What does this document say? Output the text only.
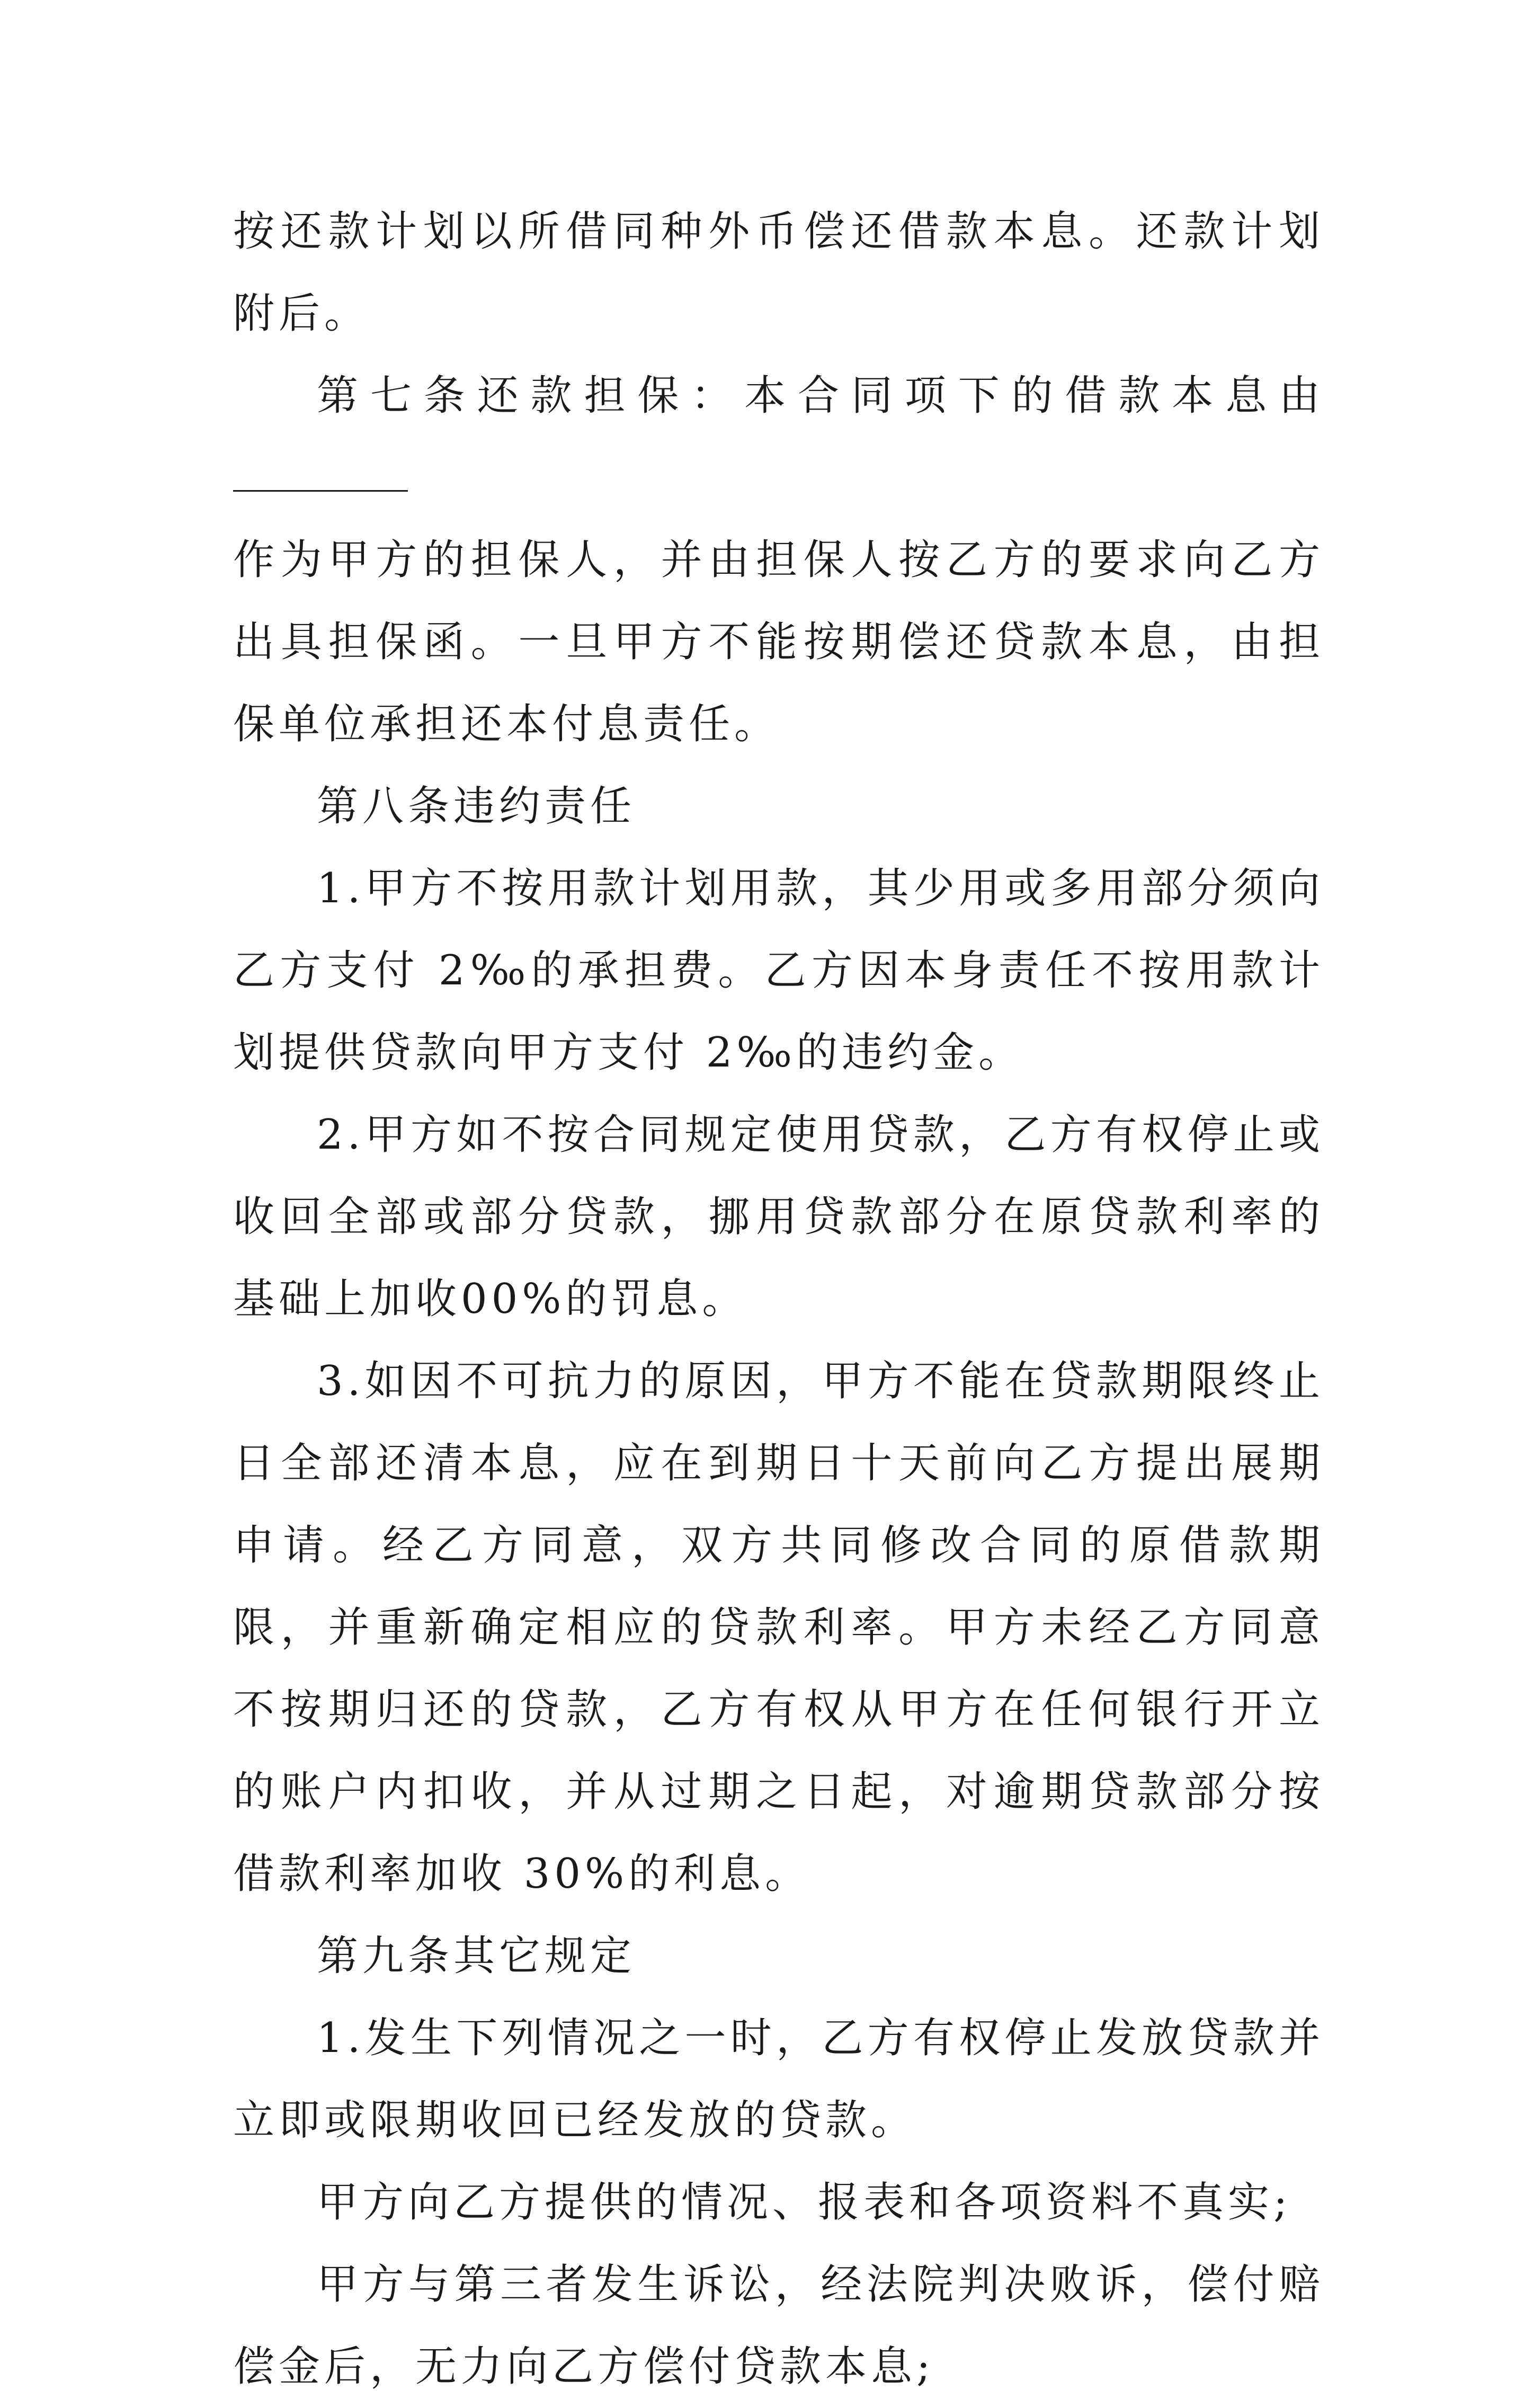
按还款计划以所借同种外币偿还借款本息。还款计划附后。

第七条还款担保：本合同项下的借款本息由

作为甲方的担保人，并由担保人按乙方的要求向乙方出具担保函。一旦甲方不能按期偿还贷款本息，由担保单位承担还本付息责任。

第八条违约责任

1.甲方不按用款计划用款，其少用或多用部分须向乙方支付 2‰的承担费。乙方因本身责任不按用款计划提供贷款向甲方支付 2‰的违约金。

2.甲方如不按合同规定使用贷款，乙方有权停止或收回全部或部分贷款，挪用贷款部分在原贷款利率的基础上加收00%的罚息。

3.如因不可抗力的原因，甲方不能在贷款期限终止日全部还清本息，应在到期日十天前向乙方提出展期申请。经乙方同意，双方共同修改合同的原借款期限，并重新确定相应的贷款利率。甲方未经乙方同意不按期归还的贷款，乙方有权从甲方在任何银行开立的账户内扣收，并从过期之日起，对逾期贷款部分按借款利率加收 30%的利息。

第九条其它规定

1.发生下列情况之一时，乙方有权停止发放贷款并立即或限期收回已经发放的贷款。

甲方向乙方提供的情况、报表和各项资料不真实;

甲方与第三者发生诉讼，经法院判决败诉，偿付赔偿金后，无力向乙方偿付贷款本息;
